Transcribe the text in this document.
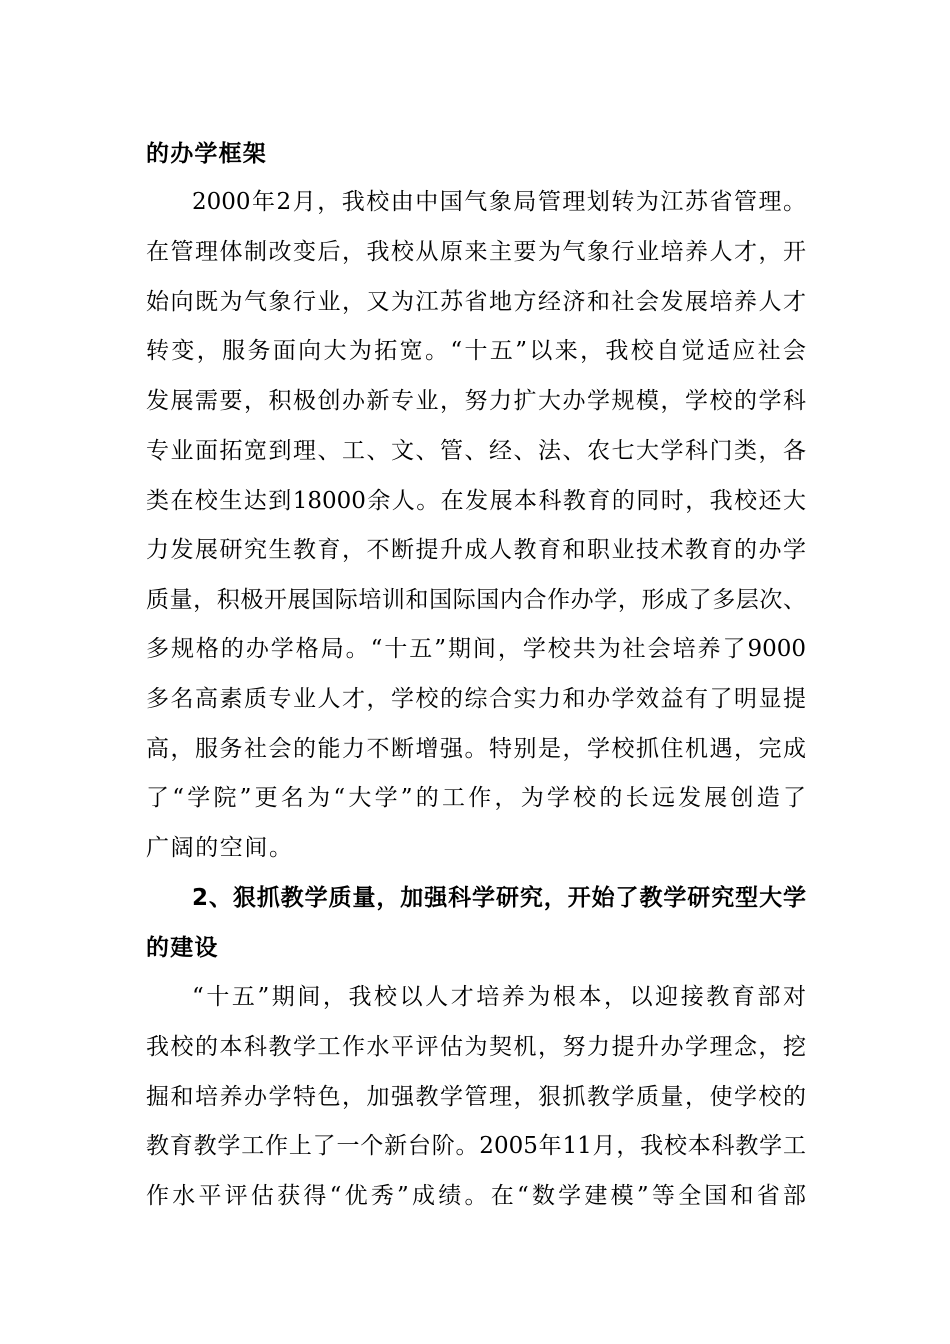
的办学框架
2000年2月，我校由中国气象局管理划转为江苏省管理。
在管理体制改变后，我校从原来主要为气象行业培养人才，开
始向既为气象行业，又为江苏省地方经济和社会发展培养人才
转变，服务面向大为拓宽。“十五”以来，我校自觉适应社会
发展需要，积极创办新专业，努力扩大办学规模，学校的学科
专业面拓宽到理、工、文、管、经、法、农七大学科门类，各
类在校生达到18000余人。在发展本科教育的同时，我校还大
力发展研究生教育，不断提升成人教育和职业技术教育的办学
质量，积极开展国际培训和国际国内合作办学，形成了多层次、
多规格的办学格局。“十五”期间，学校共为社会培养了9000
多名高素质专业人才，学校的综合实力和办学效益有了明显提
高，服务社会的能力不断增强。特别是，学校抓住机遇，完成
了“学院”更名为“大学”的工作，为学校的长远发展创造了
广阔的空间。
2、狠抓教学质量，加强科学研究，开始了教学研究型大学
的建设
“十五”期间，我校以人才培养为根本，以迎接教育部对
我校的本科教学工作水平评估为契机，努力提升办学理念，挖
掘和培养办学特色，加强教学管理，狠抓教学质量，使学校的
教育教学工作上了一个新台阶。2005年11月，我校本科教学工
作水平评估获得“优秀”成绩。在“数学建模”等全国和省部
